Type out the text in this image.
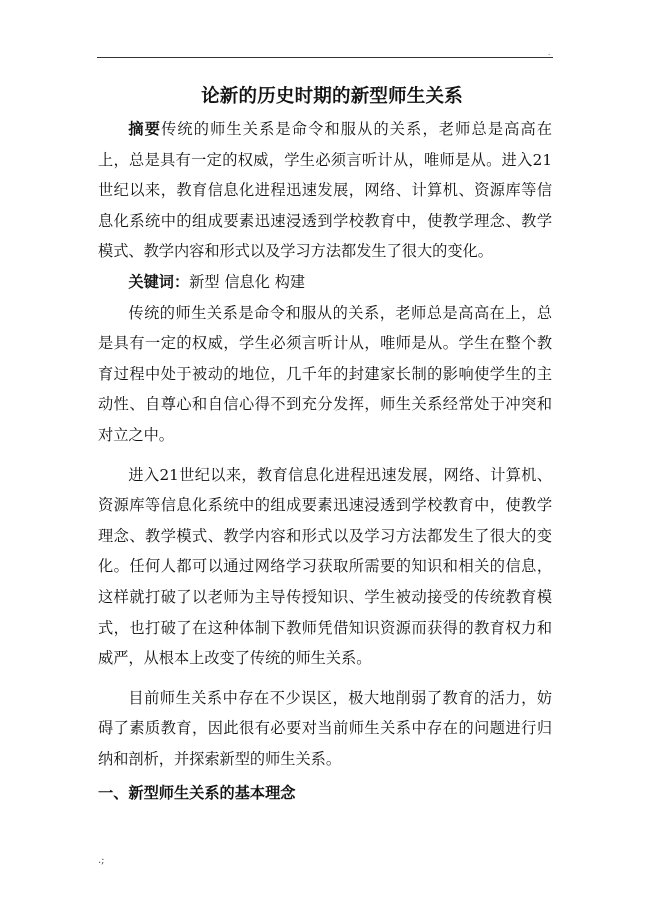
.
论新的历史时期的新型师生关系

摘要传统的师生关系是命令和服从的关系，老师总是高高在上，总是具有一定的权威，学生必须言听计从，唯师是从。进入21世纪以来，教育信息化进程迅速发展，网络、计算机、资源库等信息化系统中的组成要素迅速浸透到学校教育中，使教学理念、教学模式、教学内容和形式以及学习方法都发生了很大的变化。

关键词：新型 信息化 构建

传统的师生关系是命令和服从的关系，老师总是高高在上，总是具有一定的权威，学生必须言听计从，唯师是从。学生在整个教育过程中处于被动的地位，几千年的封建家长制的影响使学生的主动性、自尊心和自信心得不到充分发挥，师生关系经常处于冲突和对立之中。

进入21世纪以来，教育信息化进程迅速发展，网络、计算机、资源库等信息化系统中的组成要素迅速浸透到学校教育中，使教学理念、教学模式、教学内容和形式以及学习方法都发生了很大的变化。任何人都可以通过网络学习获取所需要的知识和相关的信息，这样就打破了以老师为主导传授知识、学生被动接受的传统教育模式，也打破了在这种体制下教师凭借知识资源而获得的教育权力和威严，从根本上改变了传统的师生关系。

目前师生关系中存在不少误区，极大地削弱了教育的活力，妨碍了素质教育，因此很有必要对当前师生关系中存在的问题进行归纳和剖析，并探索新型的师生关系。

一、新型师生关系的基本理念
.;
